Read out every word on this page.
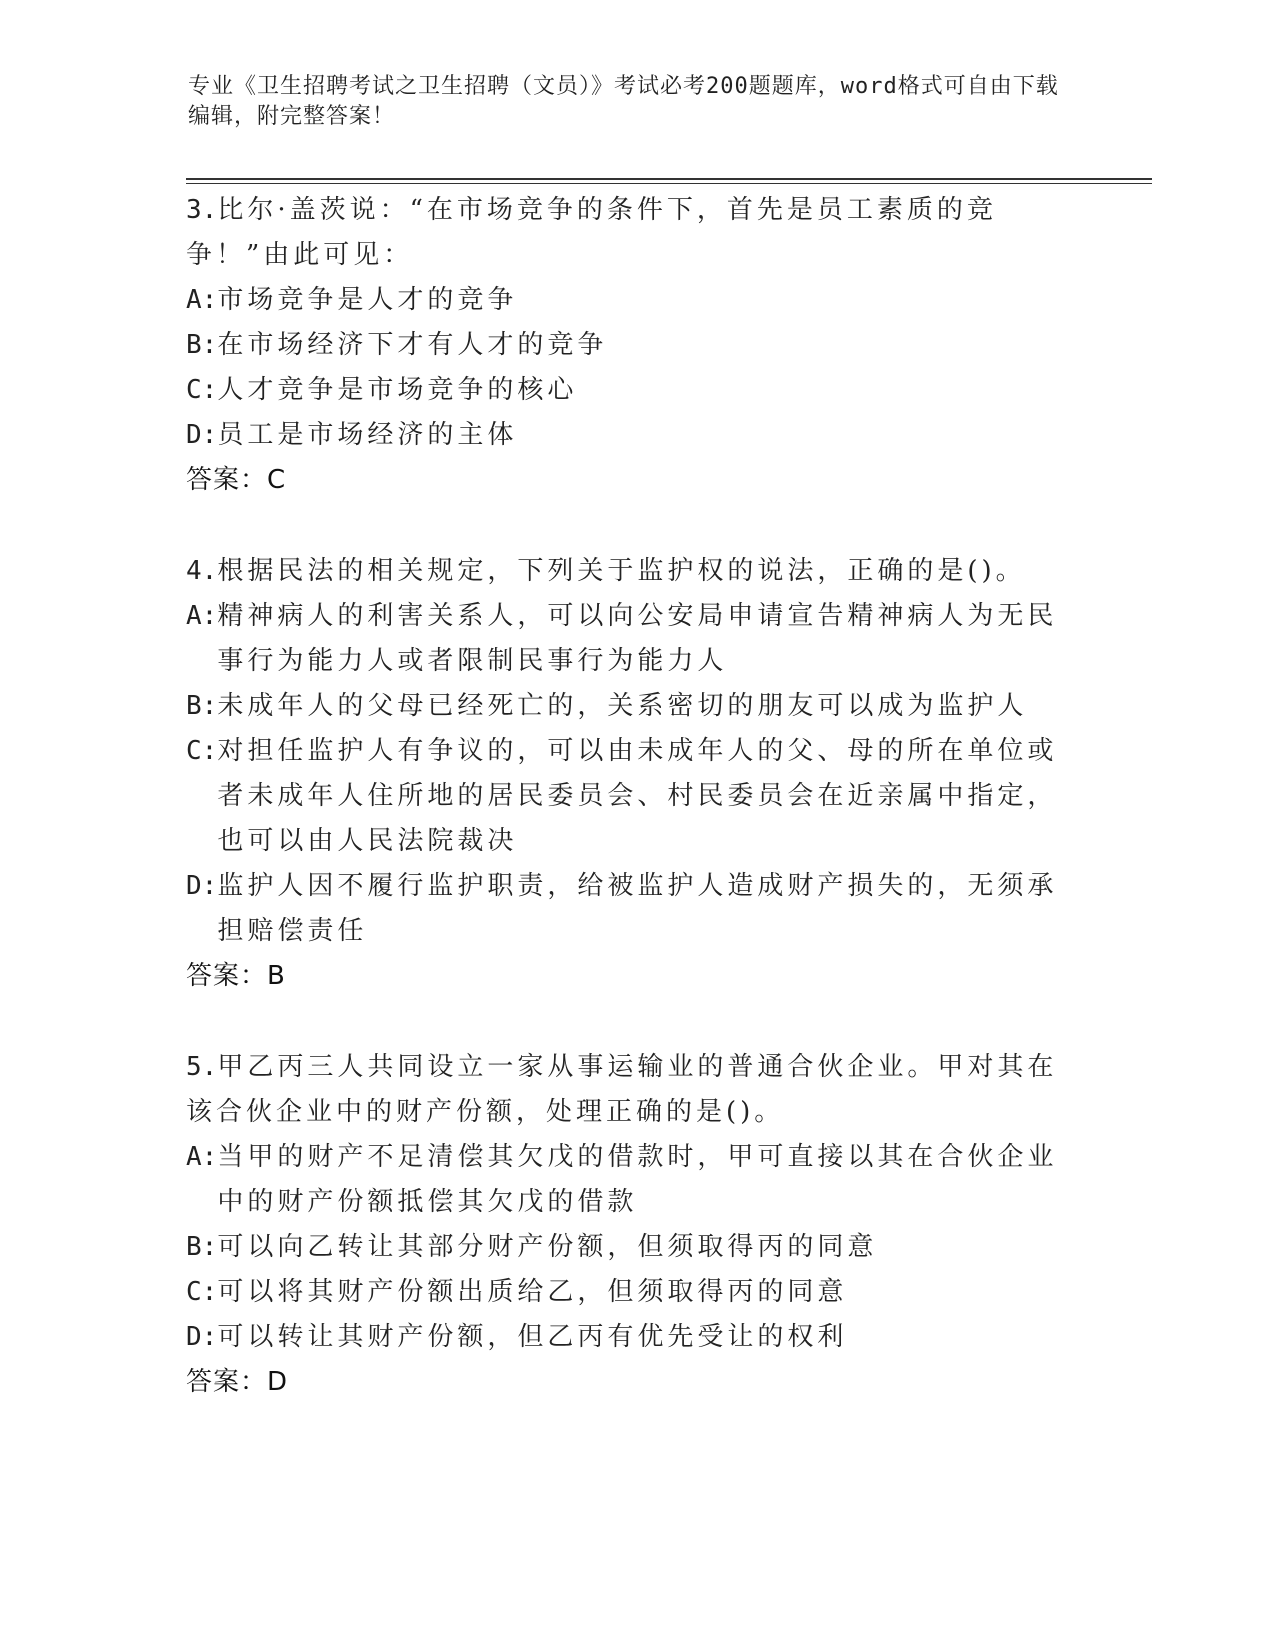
专业《卫生招聘考试之卫生招聘（文员）》考试必考200题题库，word格式可自由下载编辑，附完整答案！
3.比尔·盖茨说：“在市场竞争的条件下，首先是员工素质的竞争！”由此可见：
A: 市场竞争是人才的竞争
B: 在市场经济下才有人才的竞争
C: 人才竞争是市场竞争的核心
D: 员工是市场经济的主体
答案：C
4.根据民法的相关规定，下列关于监护权的说法，正确的是()。
A: 精神病人的利害关系人，可以向公安局申请宣告精神病人为无民事行为能力人或者限制民事行为能力人
B: 未成年人的父母已经死亡的，关系密切的朋友可以成为监护人
C: 对担任监护人有争议的，可以由未成年人的父、母的所在单位或者未成年人住所地的居民委员会、村民委员会在近亲属中指定，也可以由人民法院裁决
D: 监护人因不履行监护职责，给被监护人造成财产损失的，无须承担赔偿责任
答案：B
5.甲乙丙三人共同设立一家从事运输业的普通合伙企业。甲对其在该合伙企业中的财产份额，处理正确的是()。
A: 当甲的财产不足清偿其欠戊的借款时，甲可直接以其在合伙企业中的财产份额抵偿其欠戊的借款
B: 可以向乙转让其部分财产份额，但须取得丙的同意
C: 可以将其财产份额出质给乙，但须取得丙的同意
D: 可以转让其财产份额，但乙丙有优先受让的权利
答案：D
